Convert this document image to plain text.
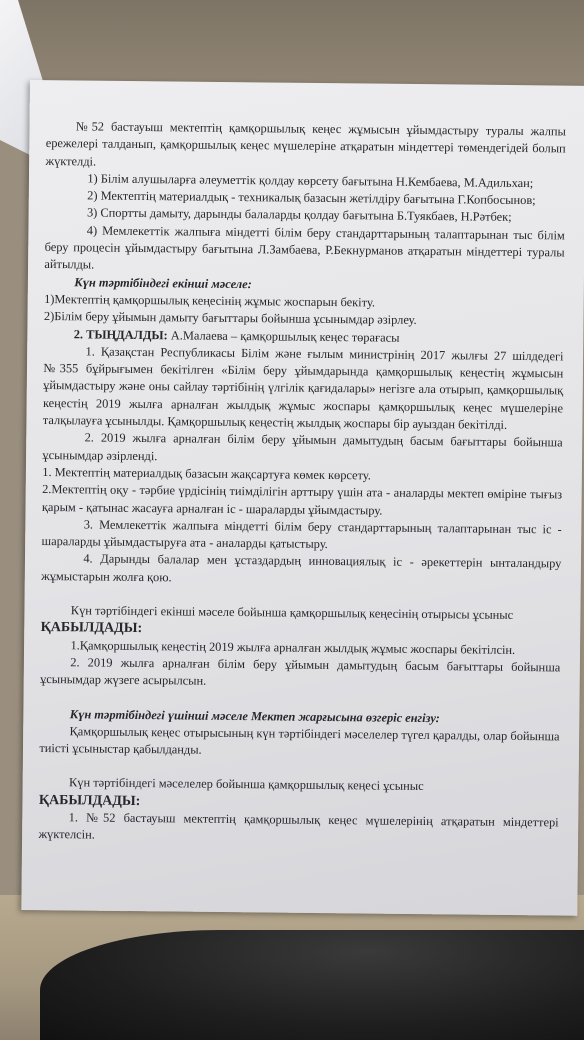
№52 бастауыш мектептің қамқоршылық кеңес жұмысын ұйымдастыру туралы жалпы ережелері талданып, қамқоршылық кеңес мүшелеріне атқаратын міндеттері төмендегідей болып жүктелді.

1) Білім алушыларға әлеуметтік қолдау көрсету бағытына Н.Кембаева, М.Адильхан;

2) Мектептің материалдық - техникалық базасын жетілдіру бағытына Г.Копбосынов;

3) Спортты дамыту, дарынды балаларды қолдау бағытына Б.Туякбаев, Н.Рәтбек;

4) Мемлекеттік жалпыға міндетті білім беру стандарттарының талаптарынан тыс білім беру процесін ұйымдастыру бағытына Л.Замбаева, Р.Бекнурманов атқаратын міндеттері туралы айтылды.

Күн тәртібіндегі екінші мәселе:

1)Мектептің қамқоршылық кеңесінің жұмыс жоспарын бекіту.

2)Білім беру ұйымын дамыту бағыттары бойынша ұсынымдар әзірлеу.

2. ТЫҢДАЛДЫ: А.Малаева – қамқоршылық кеңес төрағасы

1. Қазақстан Республикасы Білім және ғылым министрінің 2017 жылғы 27 шілдедегі №355 бұйрығымен бекітілген «Білім беру ұйымдарында қамқоршылық кеңестің жұмысын ұйымдастыру және оны сайлау тәртібінің үлгілік қағидалары» негізге ала отырып, қамқоршылық кеңестің 2019 жылға арналған жылдық жұмыс жоспары қамқоршылық кеңес мүшелеріне талқылауға ұсынылды. Қамқоршылық кеңестің жылдық жоспары бір ауыздан бекітілді.

2. 2019 жылға арналған білім беру ұйымын дамытудың басым бағыттары бойынша ұсынымдар әзірленді.

1. Мектептің материалдық базасын жақсартуға көмек көрсету.

2.Мектептің оқу - тәрбие үрдісінің тиімділігін арттыру үшін ата - аналарды мектеп өміріне тығыз қарым - қатынас жасауға арналған іс - шараларды ұйымдастыру.

3. Мемлекеттік жалпыға міндетті білім беру стандарттарының талаптарынан тыс іс - шараларды ұйымдастыруға ата - аналарды қатыстыру.

4. Дарынды балалар мен ұстаздардың инновациялық іс - әрекеттерін ынталандыру жұмыстарын жолға қою.

Күн тәртібіндегі екінші мәселе бойынша қамқоршылық кеңесінің отырысы ұсыныс

ҚАБЫЛДАДЫ:

1.Қамқоршылық кеңестің 2019 жылға арналған жылдық жұмыс жоспары бекітілсін.

2. 2019 жылға арналған білім беру ұйымын дамытудың басым бағыттары бойынша ұсынымдар жүзеге асырылсын.

Күн тәртібіндегі үшінші мәселе Мектеп жарғысына өзгеріс енгізу:

Қамқоршылық кеңес отырысының күн тәртібіндегі мәселелер түгел қаралды, олар бойынша тиісті ұсыныстар қабылданды.

Күн тәртібіндегі мәселелер бойынша қамқоршылық кеңесі ұсыныс

ҚАБЫЛДАДЫ:

1. №52 бастауыш мектептің қамқоршылық кеңес мүшелерінің атқаратын міндеттері жүктелсін.
